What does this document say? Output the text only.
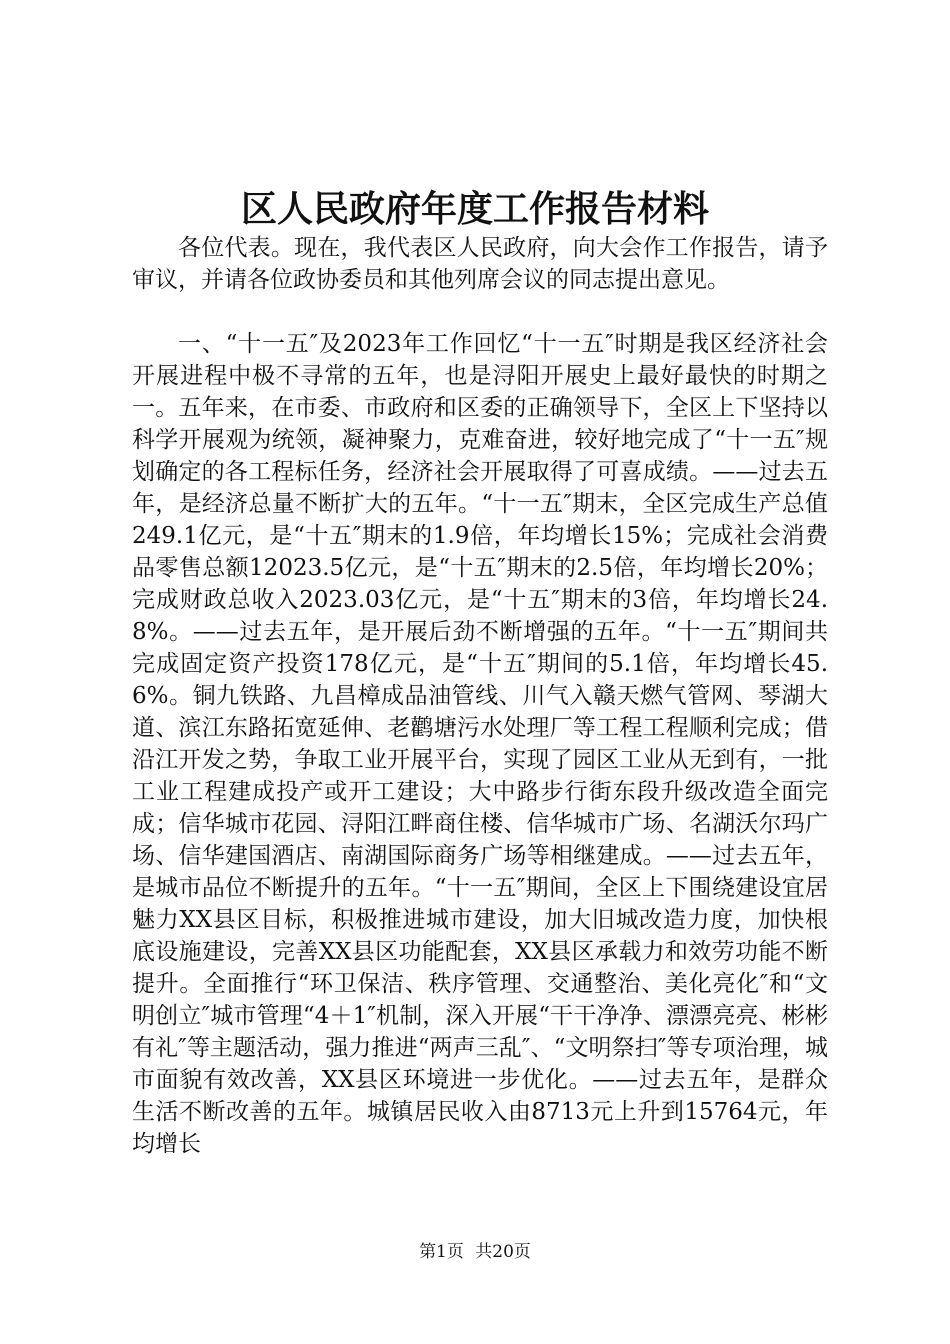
区人民政府年度工作报告材料

各位代表。现在，我代表区人民政府，向大会作工作报告，请予审议，并请各位政协委员和其他列席会议的同志提出意见。

一、“十一五″及2023年工作回忆“十一五″时期是我区经济社会开展进程中极不寻常的五年，也是浔阳开展史上最好最快的时期之一。五年来，在市委、市政府和区委的正确领导下，全区上下坚持以科学开展观为统领，凝神聚力，克难奋进，较好地完成了“十一五″规划确定的各工程标任务，经济社会开展取得了可喜成绩。——过去五年，是经济总量不断扩大的五年。“十一五″期末，全区完成生产总值249.1亿元，是“十五″期末的1.9倍，年均增长15%；完成社会消费品零售总额12023.5亿元，是“十五″期末的2.5倍，年均增长20%；完成财政总收入2023.03亿元，是“十五″期末的3倍，年均增长24.8%。——过去五年，是开展后劲不断增强的五年。“十一五″期间共完成固定资产投资178亿元，是“十五″期间的5.1倍，年均增长45.6%。铜九铁路、九昌樟成品油管线、川气入赣天燃气管网、琴湖大道、滨江东路拓宽延伸、老鹳塘污水处理厂等工程工程顺利完成；借沿江开发之势，争取工业开展平台，实现了园区工业从无到有，一批工业工程建成投产或开工建设；大中路步行街东段升级改造全面完成；信华城市花园、浔阳江畔商住楼、信华城市广场、名湖沃尔玛广场、信华建国酒店、南湖国际商务广场等相继建成。——过去五年，是城市品位不断提升的五年。“十一五″期间，全区上下围绕建设宜居魅力XX县区目标，积极推进城市建设，加大旧城改造力度，加快根底设施建设，完善XX县区功能配套，XX县区承载力和效劳功能不断提升。全面推行“环卫保洁、秩序管理、交通整治、美化亮化″和“文明创立″城市管理“4＋1″机制，深入开展“干干净净、漂漂亮亮、彬彬有礼″等主题活动，强力推进“两声三乱″、“文明祭扫″等专项治理，城市面貌有效改善，XX县区环境进一步优化。——过去五年，是群众生活不断改善的五年。城镇居民收入由8713元上升到15764元，年均增长

第1页 共20页
